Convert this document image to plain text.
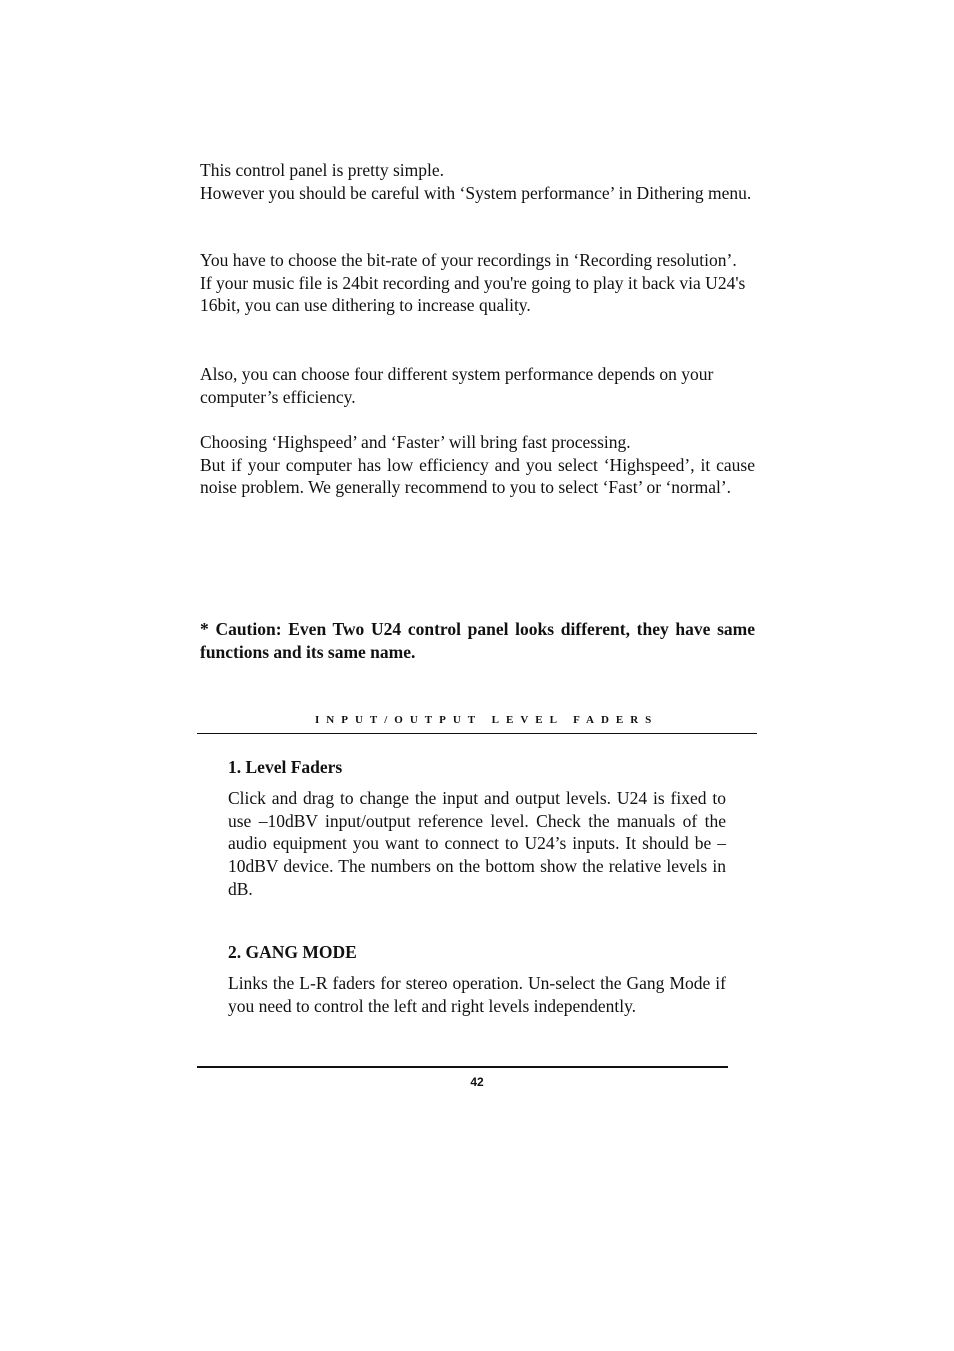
This control panel is pretty simple.

However you should be careful with ‘System performance’ in Dithering menu.

You have to choose the bit-rate of your recordings in ‘Recording resolution’.

If your music file is 24bit recording and you're going to play it back via U24's 16bit, you can use dithering to increase quality.

Also, you can choose four different system performance depends on your computer’s efficiency.

Choosing ‘Highspeed’ and ‘Faster’ will bring fast processing.

But if your computer has low efficiency and you select ‘Highspeed’, it cause noise problem. We generally recommend to you to select ‘Fast’ or ‘normal’.

* Caution: Even Two U24 control panel looks different, they have same functions and its same name.

INPUT/OUTPUT LEVEL FADERS
1. Level Faders

Click and drag to change the input and output levels. U24 is fixed to use –10dBV input/output reference level. Check the manuals of the audio equipment you want to connect to U24’s inputs. It should be –10dBV device. The numbers on the bottom show the relative levels in dB.

2. GANG MODE

Links the L-R faders for stereo operation. Un-select the Gang Mode if you need to control the left and right levels independently.

42
